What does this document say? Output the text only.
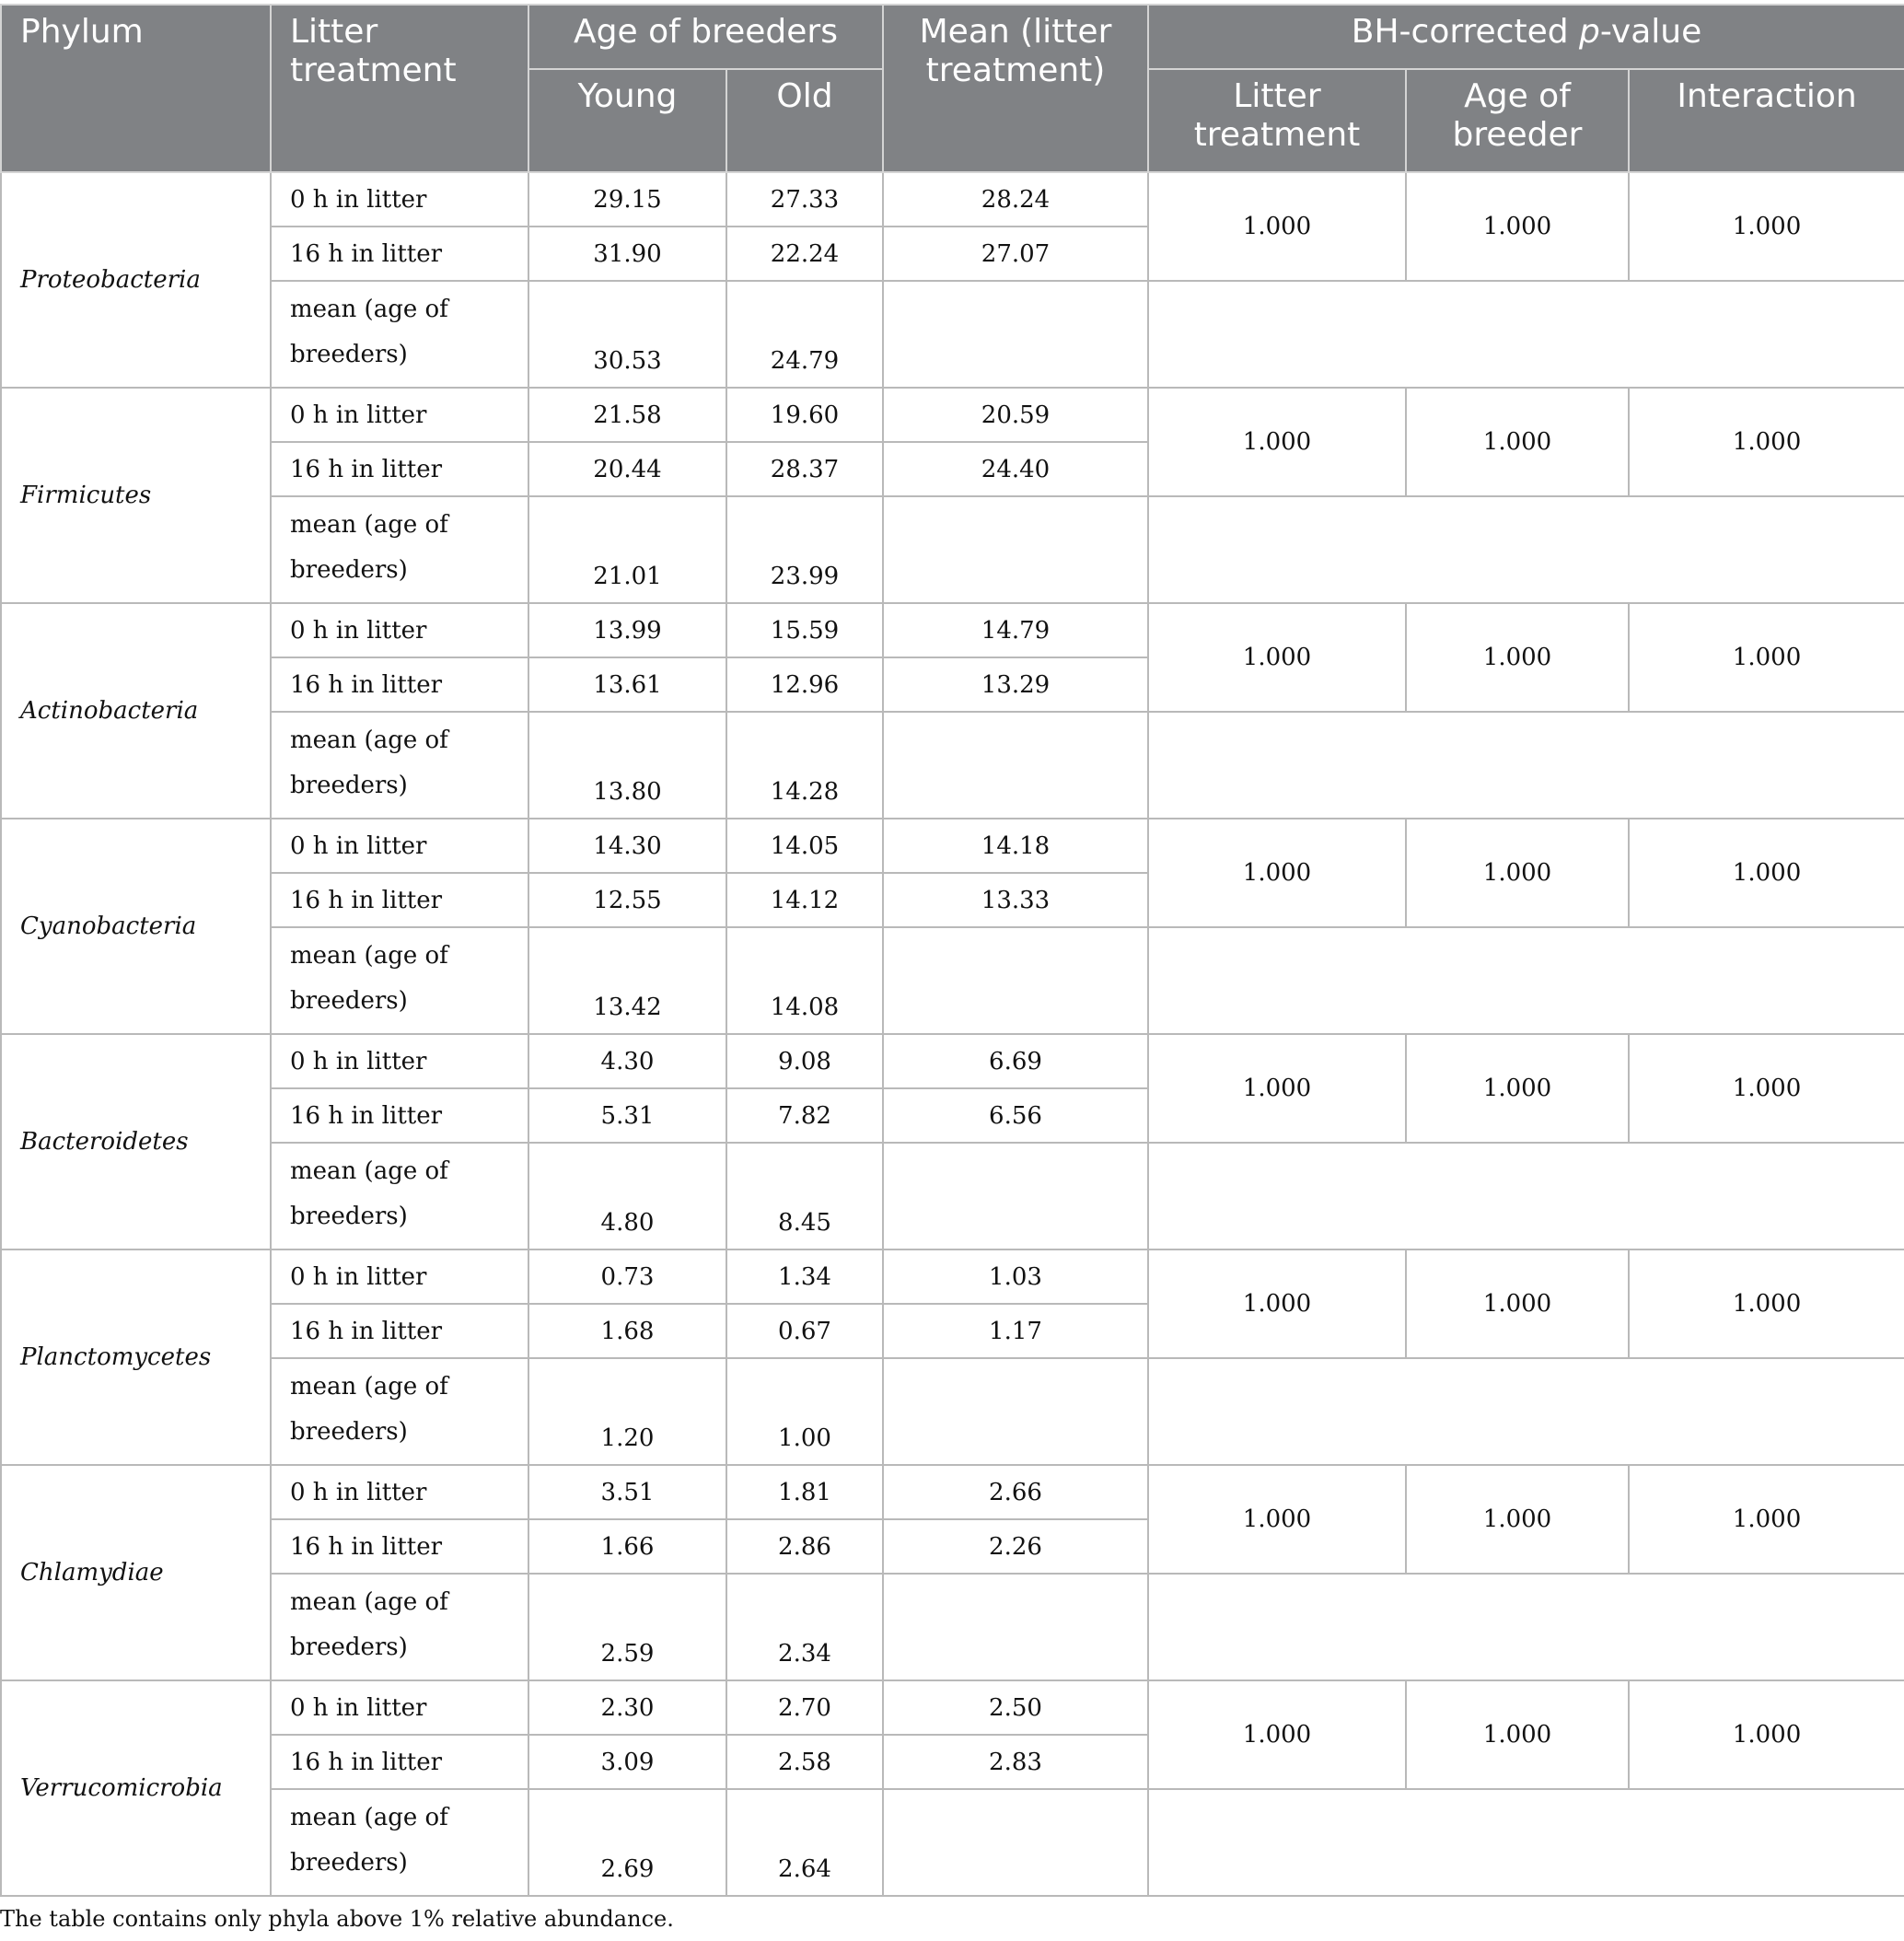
Phylum	Litter treatment	Age of breeders		Mean (litter treatment)	BH-corrected p-value		
		Young	Old		Litter treatment	Age of breeder	Interaction
Proteobacteria	0 h in litter	29.15	27.33	28.24	1.000	1.000	1.000
	16 h in litter	31.90	22.24	27.07			
	mean (age of breeders)	30.53	24.79				
Firmicutes	0 h in litter	21.58	19.60	20.59	1.000	1.000	1.000
	16 h in litter	20.44	28.37	24.40			
	mean (age of breeders)	21.01	23.99				
Actinobacteria	0 h in litter	13.99	15.59	14.79	1.000	1.000	1.000
	16 h in litter	13.61	12.96	13.29			
	mean (age of breeders)	13.80	14.28				
Cyanobacteria	0 h in litter	14.30	14.05	14.18	1.000	1.000	1.000
	16 h in litter	12.55	14.12	13.33			
	mean (age of breeders)	13.42	14.08				
Bacteroidetes	0 h in litter	4.30	9.08	6.69	1.000	1.000	1.000
	16 h in litter	5.31	7.82	6.56			
	mean (age of breeders)	4.80	8.45				
Planctomycetes	0 h in litter	0.73	1.34	1.03	1.000	1.000	1.000
	16 h in litter	1.68	0.67	1.17			
	mean (age of breeders)	1.20	1.00				
Chlamydiae	0 h in litter	3.51	1.81	2.66	1.000	1.000	1.000
	16 h in litter	1.66	2.86	2.26			
	mean (age of breeders)	2.59	2.34				
Verrucomicrobia	0 h in litter	2.30	2.70	2.50	1.000	1.000	1.000
	16 h in litter	3.09	2.58	2.83			
	mean (age of breeders)	2.69	2.64				
The table contains only phyla above 1% relative abundance.
